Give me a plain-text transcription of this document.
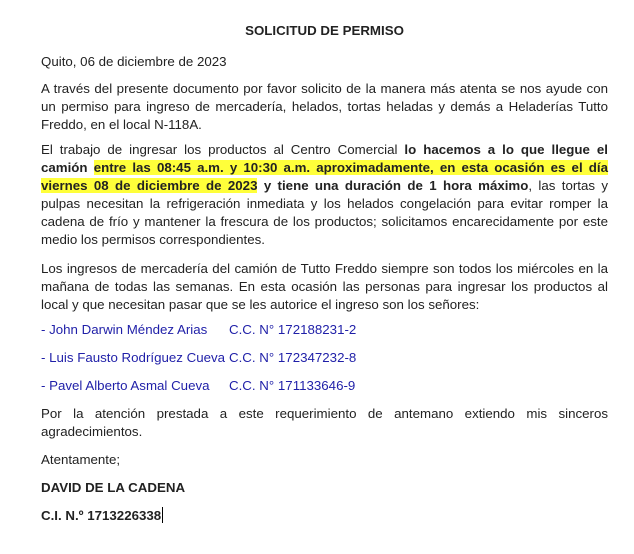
SOLICITUD DE PERMISO
Quito, 06 de diciembre de 2023
A través del presente documento por favor solicito de la manera más atenta se nos ayude con un permiso para ingreso de mercadería, helados, tortas heladas y demás a Heladerías Tutto Freddo, en el local N-118A.
El trabajo de ingresar los productos al Centro Comercial lo hacemos a lo que llegue el camión entre las 08:45 a.m. y 10:30 a.m. aproximadamente, en esta ocasión es el día viernes 08 de diciembre de 2023 y tiene una duración de 1 hora máximo, las tortas y pulpas necesitan la refrigeración inmediata y los helados congelación para evitar romper la cadena de frío y mantener la frescura de los productos; solicitamos encarecidamente por este medio los permisos correspondientes.
Los ingresos de mercadería del camión de Tutto Freddo siempre son todos los miércoles en la mañana de todas las semanas. En esta ocasión las personas para ingresar los productos al local y que necesitan pasar que se les autorice el ingreso son los señores:
- John Darwin Méndez Arias C.C. N° 172188231-2
- Luis Fausto Rodríguez Cueva C.C. N° 172347232-8
- Pavel Alberto Asmal Cueva C.C. N° 171133646-9
Por la atención prestada a este requerimiento de antemano extiendo mis sinceros agradecimientos.
Atentamente;
DAVID DE LA CADENA
C.I. N.º 1713226338
